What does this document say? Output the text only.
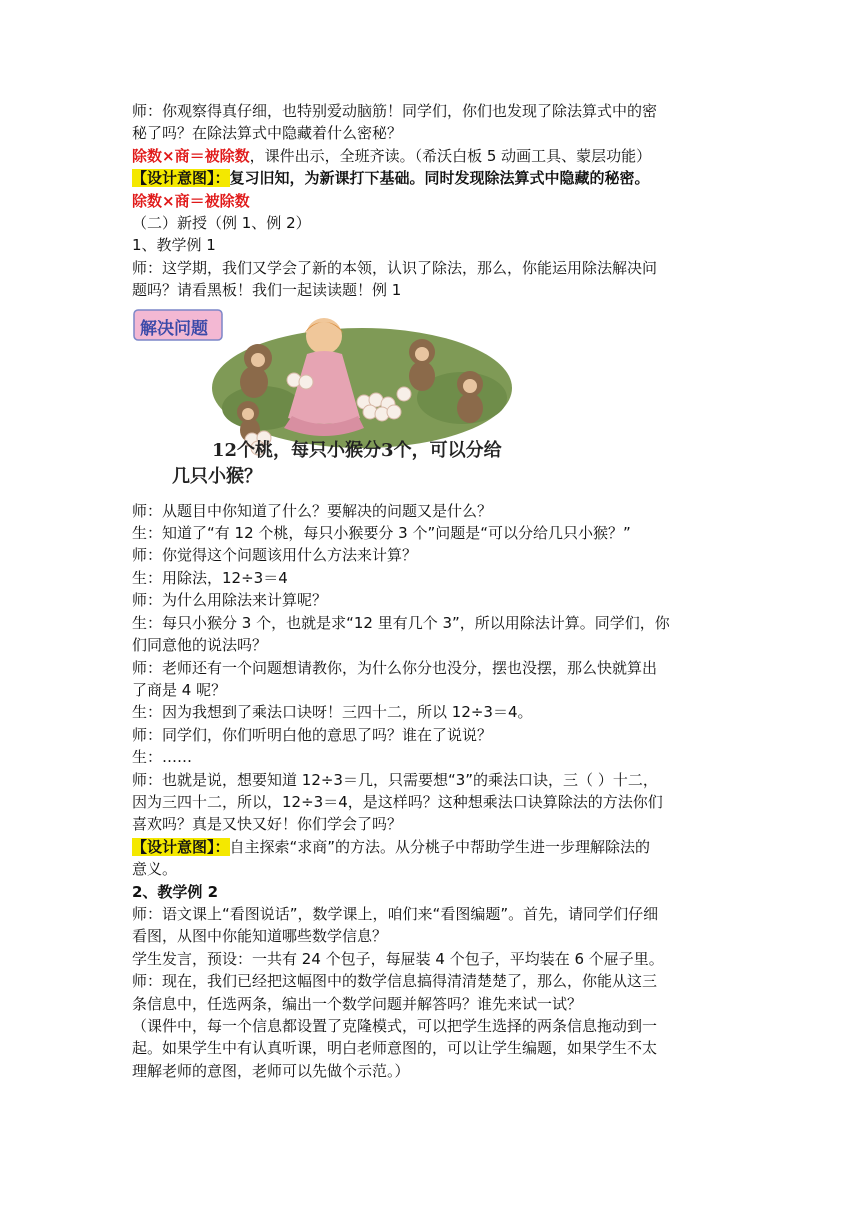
师：你观察得真仔细，也特别爱动脑筋！同学们，你们也发现了除法算式中的密
秘了吗？在除法算式中隐藏着什么密秘？
除数×商＝被除数，课件出示，全班齐读。（希沃白板 5 动画工具、蒙层功能）
【设计意图】：复习旧知，为新课打下基础。同时发现除法算式中隐藏的秘密。
除数×商＝被除数
（二）新授（例 1、例 2）
1、教学例 1
师：这学期，我们又学会了新的本领，认识了除法，那么，你能运用除法解决问
题吗？请看黑板！我们一起读读题！例 1
解决问题
12个桃，每只小猴分3个，可以分给
几只小猴？
师：从题目中你知道了什么？要解决的问题又是什么？
生：知道了“有 12 个桃，每只小猴要分 3 个”问题是“可以分给几只小猴？”
师：你觉得这个问题该用什么方法来计算？
生：用除法，12÷3＝4
师：为什么用除法来计算呢？
生：每只小猴分 3 个，也就是求“12 里有几个 3”，所以用除法计算。同学们，你
们同意他的说法吗？
师：老师还有一个问题想请教你，为什么你分也没分，摆也没摆，那么快就算出
了商是 4 呢？
生：因为我想到了乘法口诀呀！三四十二，所以 12÷3＝4。
师：同学们，你们听明白他的意思了吗？谁在了说说？
生：……
师：也就是说，想要知道 12÷3＝几，只需要想“3”的乘法口诀，三（ ）十二，
因为三四十二，所以，12÷3＝4，是这样吗？这种想乘法口诀算除法的方法你们
喜欢吗？真是又快又好！你们学会了吗？
【设计意图】：自主探索“求商”的方法。从分桃子中帮助学生进一步理解除法的
意义。
2、教学例 2
师：语文课上“看图说话”，数学课上，咱们来“看图编题”。首先，请同学们仔细
看图，从图中你能知道哪些数学信息？
学生发言，预设：一共有 24 个包子，每屉装 4 个包子，平均装在 6 个屉子里。
师：现在，我们已经把这幅图中的数学信息搞得清清楚楚了，那么，你能从这三
条信息中，任选两条，编出一个数学问题并解答吗？谁先来试一试？
（课件中，每一个信息都设置了克隆模式，可以把学生选择的两条信息拖动到一
起。如果学生中有认真听课，明白老师意图的，可以让学生编题，如果学生不太
理解老师的意图，老师可以先做个示范。）
